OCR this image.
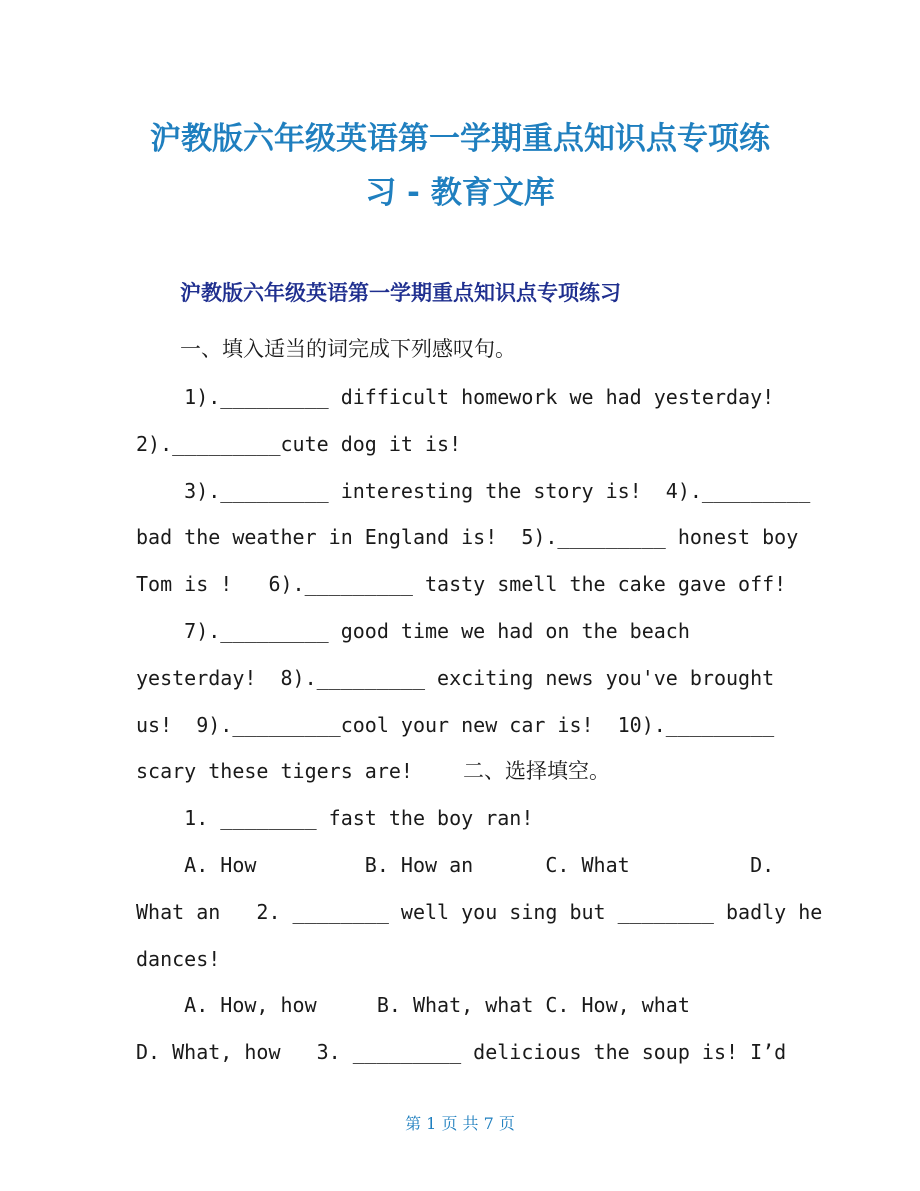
沪教版六年级英语第一学期重点知识点专项练
习 - 教育文库
沪教版六年级英语第一学期重点知识点专项练习
一、填入适当的词完成下列感叹句。
1)._________ difficult homework we had yesterday!
2)._________cute dog it is!
3)._________ interesting the story is!  4)._________
bad the weather in England is!  5)._________ honest boy
Tom is !   6)._________ tasty smell the cake gave off!
7)._________ good time we had on the beach
yesterday!  8)._________ exciting news you've brought
us!  9)._________cool your new car is!  10)._________
scary these tigers are! 二、选择填空。
1. ________ fast the boy ran!
A. How         B. How an      C. What          D.
What an   2. ________ well you sing but ________ badly he
dances!
A. How, how     B. What, what C. How, what
D. What, how   3. _________ delicious the soup is! I’d
第 1 页 共 7 页
